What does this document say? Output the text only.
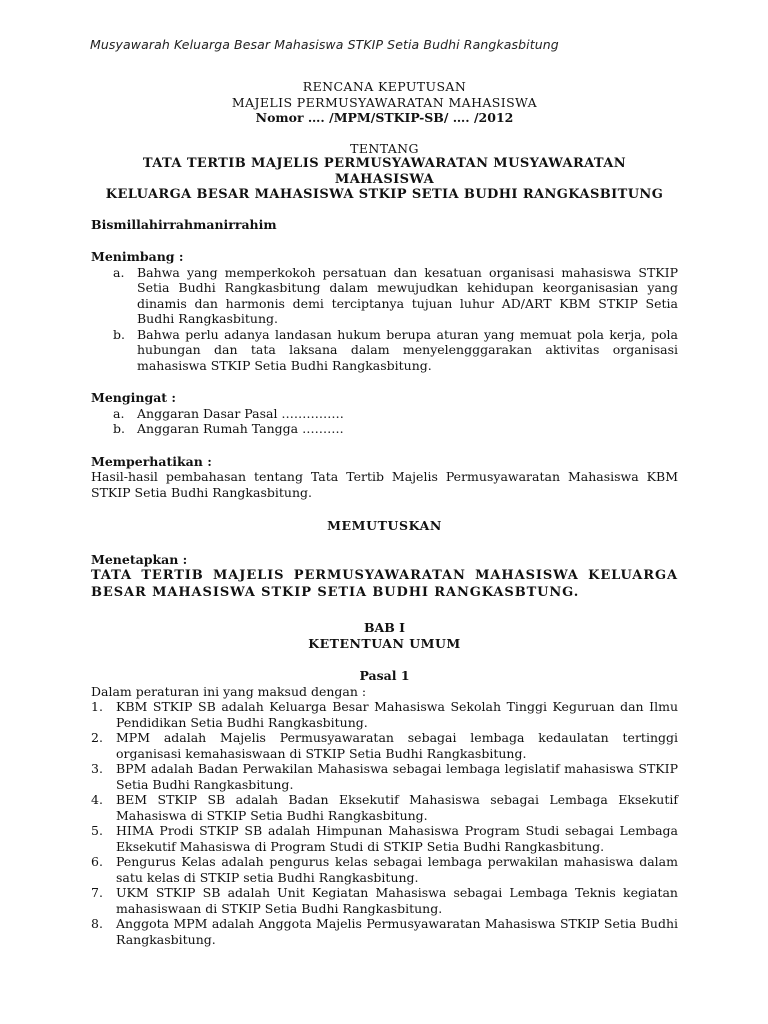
Musyawarah Keluarga Besar Mahasiswa STKIP Setia Budhi Rangkasbitung

RENCANA KEPUTUSAN

MAJELIS PERMUSYAWARATAN MAHASISWA

Nomor …. /MPM/STKIP-SB/ …. /2012

TENTANG

TATA TERTIB MAJELIS PERMUSYAWARATAN MUSYAWARATAN MAHASISWA

KELUARGA BESAR MAHASISWA STKIP SETIA BUDHI RANGKASBITUNG

Bismillahirrahmanirrahim

Menimbang :

a. Bahwa yang memperkokoh persatuan dan kesatuan organisasi mahasiswa STKIP Setia Budhi Rangkasbitung dalam mewujudkan kehidupan keorganisasian yang dinamis dan harmonis demi terciptanya tujuan luhur AD/ART KBM STKIP Setia Budhi Rangkasbitung.
b. Bahwa perlu adanya landasan hukum berupa aturan yang memuat pola kerja, pola hubungan dan tata laksana dalam menyelengggarakan aktivitas organisasi mahasiswa STKIP Setia Budhi Rangkasbitung.

Mengingat :

a. Anggaran Dasar Pasal ……………
b. Anggaran Rumah Tangga ……….

Memperhatikan :

Hasil-hasil pembahasan tentang Tata Tertib Majelis Permusyawaratan Mahasiswa KBM STKIP Setia Budhi Rangkasbitung.

MEMUTUSKAN

Menetapkan :

TATA TERTIB MAJELIS PERMUSYAWARATAN MAHASISWA KELUARGA BESAR MAHASISWA STKIP SETIA BUDHI RANGKASBTUNG.

BAB I

KETENTUAN UMUM

Pasal 1

Dalam peraturan ini yang maksud dengan :

1. KBM STKIP SB adalah Keluarga Besar Mahasiswa Sekolah Tinggi Keguruan dan Ilmu Pendidikan Setia Budhi Rangkasbitung.
2. MPM adalah Majelis Permusyawaratan sebagai lembaga kedaulatan tertinggi organisasi kemahasiswaan di STKIP Setia Budhi Rangkasbitung.
3. BPM adalah Badan Perwakilan Mahasiswa sebagai lembaga legislatif mahasiswa STKIP Setia Budhi Rangkasbitung.
4. BEM STKIP SB adalah Badan Eksekutif Mahasiswa sebagai Lembaga Eksekutif Mahasiswa di STKIP Setia Budhi Rangkasbitung.
5. HIMA Prodi STKIP SB adalah Himpunan Mahasiswa Program Studi sebagai Lembaga Eksekutif Mahasiswa di Program Studi di STKIP Setia Budhi Rangkasbitung.
6. Pengurus Kelas adalah pengurus kelas sebagai lembaga perwakilan mahasiswa dalam satu kelas di STKIP setia Budhi Rangkasbitung.
7. UKM STKIP SB adalah Unit Kegiatan Mahasiswa sebagai Lembaga Teknis kegiatan mahasiswaan di STKIP Setia Budhi Rangkasbitung.
8. Anggota MPM adalah Anggota Majelis Permusyawaratan Mahasiswa STKIP Setia Budhi Rangkasbitung.
